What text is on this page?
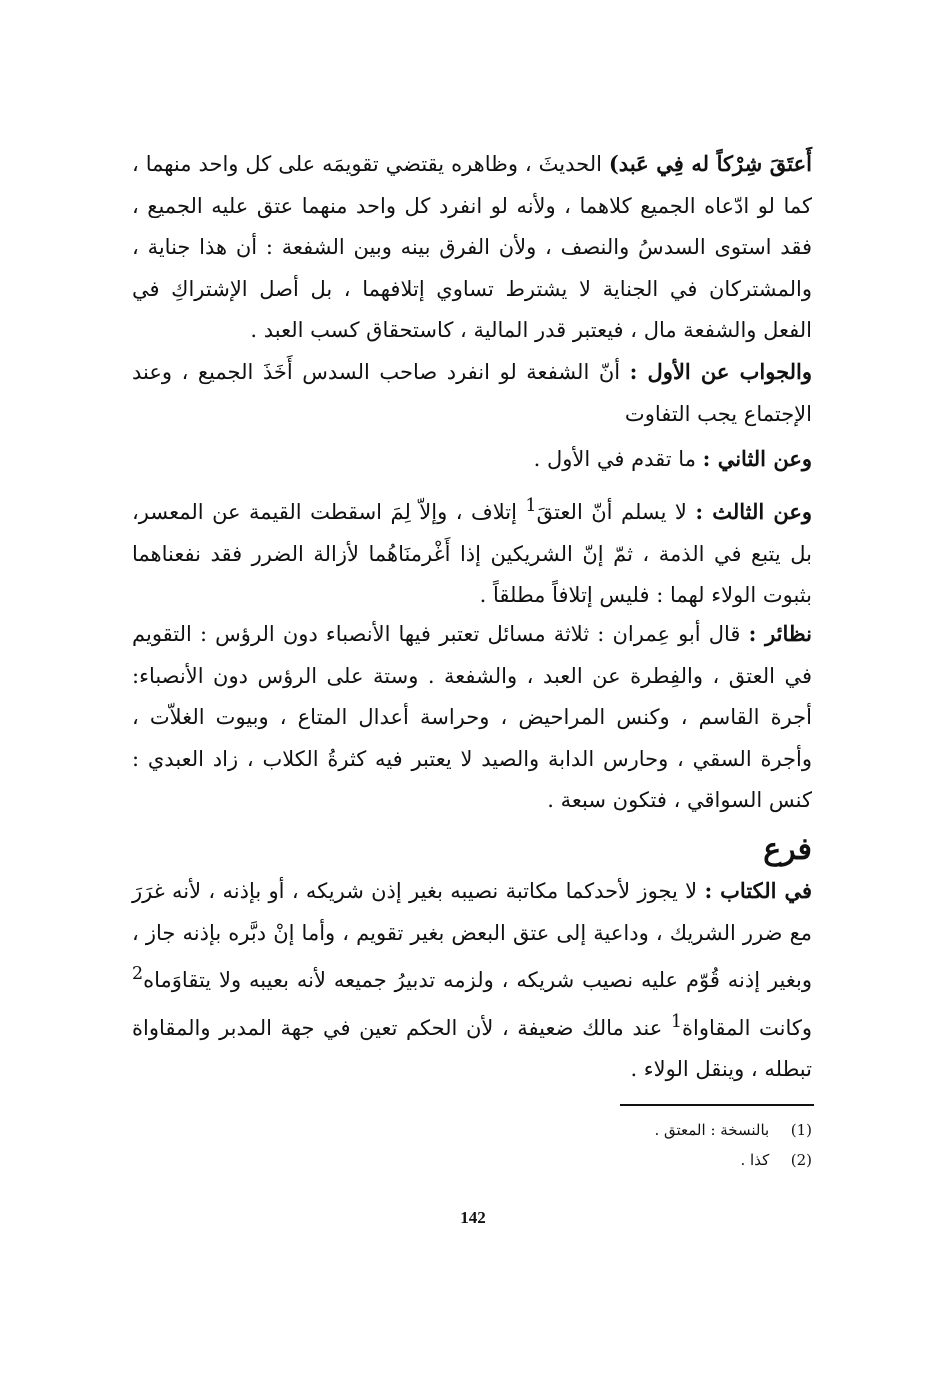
أَعتَقَ شِرْكاً له فِي عَبد) الحديثَ ، وظاهره يقتضي تقويمَه على كل واحد منهما ، كما لو ادّعاه الجميع كلاهما ، ولأنه لو انفرد كل واحد منهما عتق عليه الجميع ، فقد استوى السدسُ والنصف ، ولأن الفرق بينه وبين الشفعة : أن هذا جناية ، والمشتركان في الجناية لا يشترط تساوي إتلافهما ، بل أصل الإشتراكِ في الفعل والشفعة مال ، فيعتبر قدر المالية ، كاستحقاق كسب العبد .

والجواب عن الأول : أنّ الشفعة لو انفرد صاحب السدس أَخَذَ الجميع ، وعند الإجتماع يجب التفاوت

وعن الثاني : ما تقدم في الأول .

وعن الثالث : لا يسلم أنّ العتقَ$^1$ إتلاف ، وإلاّ لِمَ اسقطت القيمة عن المعسر، بل يتبع في الذمة ، ثمّ إنّ الشريكين إذا أَغْرمنَاهُما لأزالة الضرر فقد نفعناهما بثبوت الولاء لهما : فليس إتلافاً مطلقاً .

نظائر : قال أبو عِمران : ثلاثة مسائل تعتبر فيها الأنصباء دون الرؤس : التقويم في العتق ، والفِطرة عن العبد ، والشفعة . وستة على الرؤس دون الأنصباء: أجرة القاسم ، وكنس المراحيض ، وحراسة أعدال المتاع ، وبيوت الغلاّت ، وأجرة السقي ، وحارس الدابة والصيد لا يعتبر فيه كثرةُ الكلاب ، زاد العبدي : كنس السواقي ، فتكون سبعة .

فرع

في الكتاب : لا يجوز لأحدكما مكاتبة نصيبه بغير إذن شريكه ، أو بإذنه ، لأنه غرَرَ مع ضرر الشريك ، وداعية إلى عتق البعض بغير تقويم ، وأما إنْ دبَّره بإذنه جاز ، وبغير إذنه قُوّم عليه نصيب شريكه ، ولزمه تدبيرُ جميعه لأنه بعيبه ولا يتقاوَماه$^2$ وكانت المقاواة$^1$ عند مالك ضعيفة ، لأن الحكم تعين في جهة المدبر والمقاواة تبطله ، وينقل الولاء .

(1) بالنسخة : المعتق .
(2) كذا .
142
